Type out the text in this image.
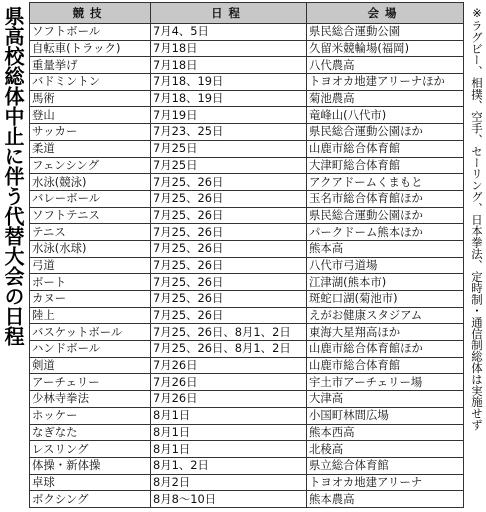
県高校総体中止に伴う代替大会の日程	競技	日程	会場
ソフトボール	7月4、5日	県民総合運動公園
自転車(トラック)	7月18日	久留米競輪場(福岡)
重量挙げ	7月18日	八代農高
バドミントン	7月18、19日	トヨオカ地建アリーナほか
馬術	7月18、19日	菊池農高
登山	7月19日	竜峰山(八代市)
サッカー	7月23、25日	県民総合運動公園ほか
柔道	7月25日	山鹿市総合体育館
フェンシング	7月25日	大津町総合体育館
水泳(競泳)	7月25、26日	アクアドームくまもと
バレーボール	7月25、26日	玉名市総合体育館ほか
ソフトテニス	7月25、26日	県民総合運動公園ほか
テニス	7月25、26日	パークドーム熊本ほか
水泳(水球)	7月25、26日	熊本高
弓道	7月25、26日	八代市弓道場
ボート	7月25、26日	江津湖(熊本市)
カヌー	7月25、26日	斑蛇口湖(菊池市)
陸上	7月25、26日	えがお健康スタジアム
バスケットボール	7月25、26日、8月1、2日	東海大星翔高ほか
ハンドボール	7月25、26日、8月1、2日	山鹿市総合体育館ほか
剣道	7月26日	山鹿市総合体育館
アーチェリー	7月26日	宇土市アーチェリー場
少林寺拳法	7月26日	大津高
ホッケー	8月1日	小国町林間広場
なぎなた	8月1日	熊本西高
レスリング	8月1日	北稜高
体操・新体操	8月1、2日	県立総合体育館
卓球	8月2日	トヨオカ地建アリーナ
ボクシング	8月8～10日	熊本農高
※ラグビー、相撲、空手、セーリング、日本拳法、定時制・通信制総体は実施せず
